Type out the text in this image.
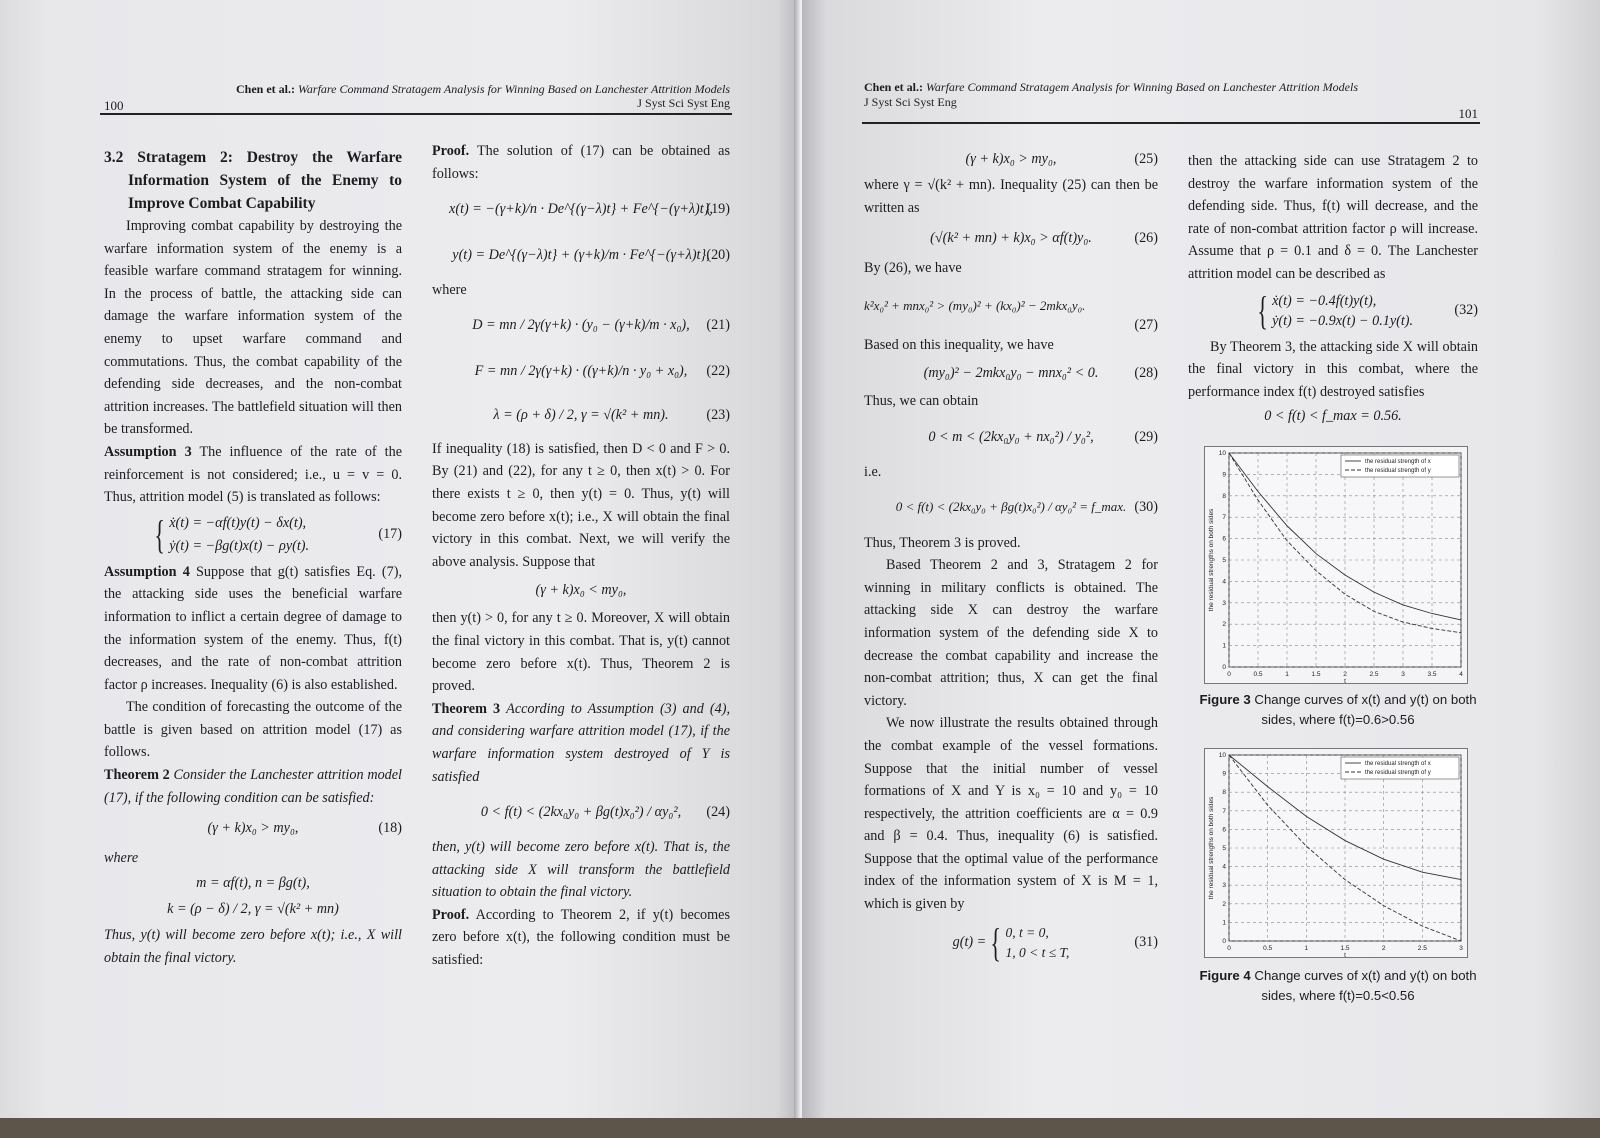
100
Chen et al.: Warfare Command Stratagem Analysis for Winning Based on Lanchester Attrition Models
J Syst Sci Syst Eng
3.2 Stratagem 2: Destroy the Warfare Information System of the Enemy to Improve Combat Capability

Improving combat capability by destroying the warfare information system of the enemy is a feasible warfare command stratagem for winning. In the process of battle, the attacking side can damage the warfare information system of the enemy to upset warfare command and commutations. Thus, the combat capability of the defending side decreases, and the non-combat attrition increases. The battlefield situation will then be transformed.

Assumption 3 The influence of the rate of the reinforcement is not considered; i.e., u = v = 0. Thus, attrition model (5) is translated as follows:

{ ẋ(t) = −αf(t)y(t) − δx(t),
ẏ(t) = −βg(t)x(t) − ρy(t).
(17)

Assumption 4 Suppose that g(t) satisfies Eq. (7), the attacking side uses the beneficial warfare information to inflict a certain degree of damage to the information system of the enemy. Thus, f(t) decreases, and the rate of non-combat attrition factor ρ increases. Inequality (6) is also established.

The condition of forecasting the outcome of the battle is given based on attrition model (17) as follows.

Theorem 2 Consider the Lanchester attrition model (17), if the following condition can be satisfied:

(γ + k)x₀ > my₀,	(18)

where

m = αf(t), n = βg(t),
k = (ρ − δ) / 2, γ = √(k² + mn)

Thus, y(t) will become zero before x(t); i.e., X will obtain the final victory.

Proof. The solution of (17) can be obtained as follows:

x(t) = −(γ+k)/n · De^{(γ−λ)t} + Fe^{−(γ+λ)t},
(19)
y(t) = De^{(γ−λ)t} + (γ+k)/m · Fe^{−(γ+λ)t},
(20)

where

D = mn / 2γ(γ+k) · (y₀ − (γ+k)/m · x₀), (21)
F = mn / 2γ(γ+k) · ((γ+k)/n · y₀ + x₀), (22)
λ = (ρ + δ) / 2, γ = √(k² + mn).	(23)

If inequality (18) is satisfied, then D < 0 and F > 0. By (21) and (22), for any t ≥ 0, then x(t) > 0. For there exists t ≥ 0, then y(t) = 0. Thus, y(t) will become zero before x(t); i.e., X will obtain the final victory in this combat. Next, we will verify the above analysis. Suppose that

(γ + k)x₀ < my₀,

then y(t) > 0, for any t ≥ 0. Moreover, X will obtain the final victory in this combat. That is, y(t) cannot become zero before x(t). Thus, Theorem 2 is proved.

Theorem 3 According to Assumption (3) and (4), and considering warfare attrition model (17), if the warfare information system destroyed of Y is satisfied

0 < f(t) < (2kx₀y₀ + βg(t)x₀²) / αy₀², (24)

then, y(t) will become zero before x(t). That is, the attacking side X will transform the battlefield situation to obtain the final victory.

Proof. According to Theorem 2, if y(t) becomes zero before x(t), the following condition must be satisfied:

Chen et al.: Warfare Command Stratagem Analysis for Winning Based on Lanchester Attrition Models
J Syst Sci Syst Eng
101
(γ + k)x₀ > my₀,	(25)

where γ = √(k² + mn). Inequality (25) can then be written as

(√(k² + mn) + k)x₀ > αf(t)y₀.	(26)

By (26), we have

k²x₀² + mnx₀² > (my₀)² + (kx₀)² − 2mkx₀y₀.
(27)

Based on this inequality, we have

(my₀)² − 2mkx₀y₀ − mnx₀² < 0.	(28)

Thus, we can obtain

0 < m < (2kx₀y₀ + nx₀²) / y₀²,	(29)

i.e.

0 < f(t) < (2kx₀y₀ + βg(t)x₀²) / αy₀² = f_max. (30)

Thus, Theorem 3 is proved.

Based Theorem 2 and 3, Stratagem 2 for winning in military conflicts is obtained. The attacking side X can destroy the warfare information system of the defending side X to decrease the combat capability and increase the non-combat attrition; thus, X can get the final victory.

We now illustrate the results obtained through the combat example of the vessel formations. Suppose that the initial number of vessel formations of X and Y is x₀ = 10 and y₀ = 10 respectively, the attrition coefficients are α = 0.9 and β = 0.4. Thus, inequality (6) is satisfied. Suppose that the optimal value of the performance index of the information system of X is M = 1, which is given by

g(t) = { 0, t = 0,
1, 0 < t ≤ T,
(31)

then the attacking side can use Stratagem 2 to destroy the warfare information system of the defending side. Thus, f(t) will decrease, and the rate of non-combat attrition factor ρ will increase. Assume that ρ = 0.1 and δ = 0. The Lanchester attrition model can be described as

{ ẋ(t) = −0.4f(t)y(t),
ẏ(t) = −0.9x(t) − 0.1y(t).
(32)

By Theorem 3, the attacking side X will obtain the final victory in this combat, where the performance index f(t) destroyed satisfies

0 < f(t) < f_max = 0.56.
0	0.5	1	1.5	2	2.5	3	3.5	4
0
1
2
3
4
5
6
7
8
9
10
the residual strengths on both sides
t
the residual strength of x
the residual strength of y
Figure 3 Change curves of x(t) and y(t) on both sides, where f(t)=0.6>0.56
0	0.5	1	1.5	2	2.5	3
0
1
2
3
4
5
6
7
8
9
10
the residual strengths on both sides
t
the residual strength of x
the residual strength of y
Figure 4 Change curves of x(t) and y(t) on both sides, where f(t)=0.5<0.56
